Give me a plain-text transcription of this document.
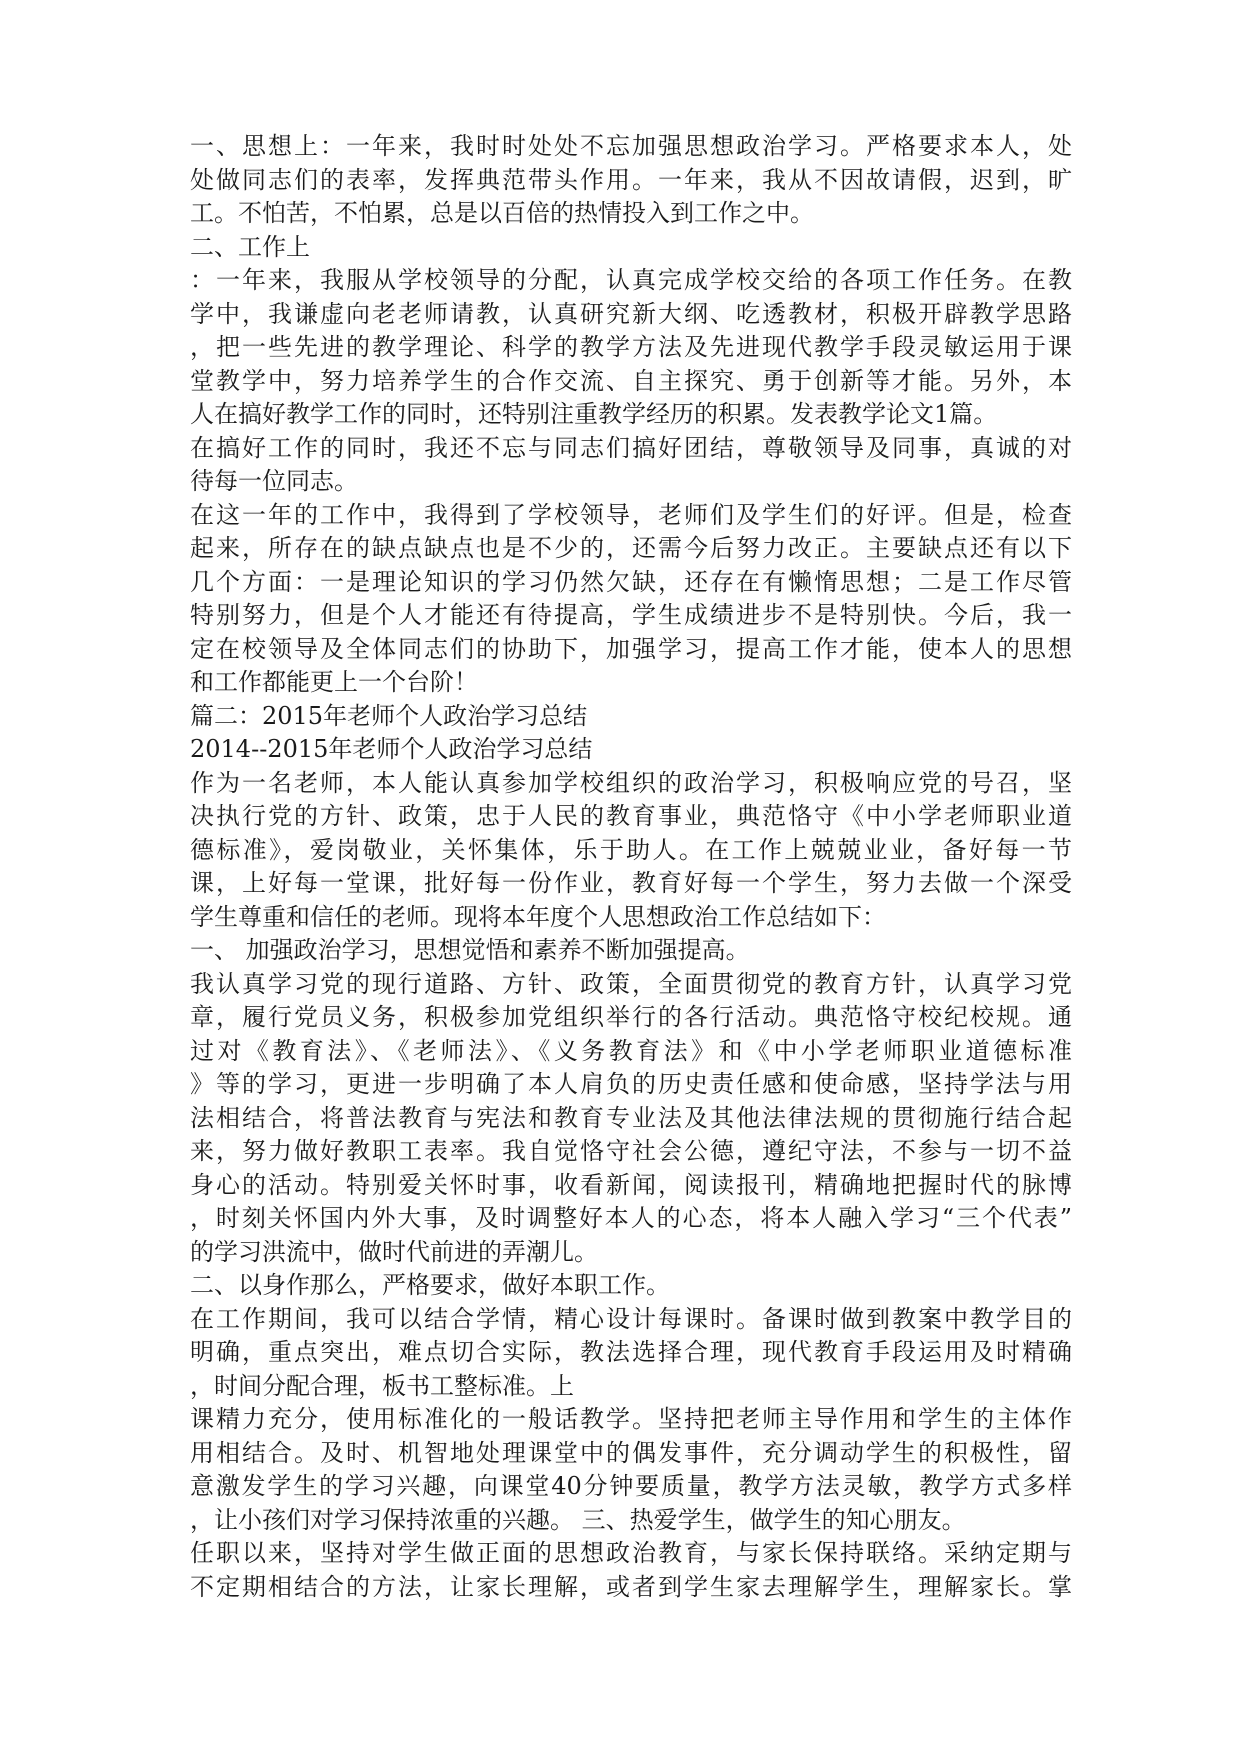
一、思想上：一年来，我时时处处不忘加强思想政治学习。严格要求本人，处
处做同志们的表率，发挥典范带头作用。一年来，我从不因故请假，迟到，旷
工。不怕苦，不怕累，总是以百倍的热情投入到工作之中。
二、工作上
：一年来，我服从学校领导的分配，认真完成学校交给的各项工作任务。在教
学中，我谦虚向老老师请教，认真研究新大纲、吃透教材，积极开辟教学思路
，把一些先进的教学理论、科学的教学方法及先进现代教学手段灵敏运用于课
堂教学中，努力培养学生的合作交流、自主探究、勇于创新等才能。另外，本
人在搞好教学工作的同时，还特别注重教学经历的积累。发表教学论文1篇。
在搞好工作的同时，我还不忘与同志们搞好团结，尊敬领导及同事，真诚的对
待每一位同志。
在这一年的工作中，我得到了学校领导，老师们及学生们的好评。但是，检查
起来，所存在的缺点缺点也是不少的，还需今后努力改正。主要缺点还有以下
几个方面：一是理论知识的学习仍然欠缺，还存在有懒惰思想；二是工作尽管
特别努力，但是个人才能还有待提高，学生成绩进步不是特别快。今后，我一
定在校领导及全体同志们的协助下，加强学习，提高工作才能，使本人的思想
和工作都能更上一个台阶！
篇二：2015年老师个人政治学习总结
2014--2015年老师个人政治学习总结
作为一名老师，本人能认真参加学校组织的政治学习，积极响应党的号召，坚
决执行党的方针、政策，忠于人民的教育事业，典范恪守《中小学老师职业道
德标准》，爱岗敬业，关怀集体，乐于助人。在工作上兢兢业业，备好每一节
课，上好每一堂课，批好每一份作业，教育好每一个学生，努力去做一个深受
学生尊重和信任的老师。现将本年度个人思想政治工作总结如下：
一、 加强政治学习，思想觉悟和素养不断加强提高。
我认真学习党的现行道路、方针、政策，全面贯彻党的教育方针，认真学习党
章，履行党员义务，积极参加党组织举行的各行活动。典范恪守校纪校规。通
过对《教育法》、《老师法》、《义务教育法》和《中小学老师职业道德标准
》等的学习，更进一步明确了本人肩负的历史责任感和使命感，坚持学法与用
法相结合，将普法教育与宪法和教育专业法及其他法律法规的贯彻施行结合起
来，努力做好教职工表率。我自觉恪守社会公德，遵纪守法，不参与一切不益
身心的活动。特别爱关怀时事，收看新闻，阅读报刊，精确地把握时代的脉博
，时刻关怀国内外大事，及时调整好本人的心态，将本人融入学习“三个代表”
的学习洪流中，做时代前进的弄潮儿。
二、以身作那么，严格要求，做好本职工作。
在工作期间，我可以结合学情，精心设计每课时。备课时做到教案中教学目的
明确，重点突出，难点切合实际，教法选择合理，现代教育手段运用及时精确
，时间分配合理，板书工整标准。上
课精力充分，使用标准化的一般话教学。坚持把老师主导作用和学生的主体作
用相结合。及时、机智地处理课堂中的偶发事件，充分调动学生的积极性，留
意激发学生的学习兴趣，向课堂40分钟要质量，教学方法灵敏，教学方式多样
，让小孩们对学习保持浓重的兴趣。 三、热爱学生，做学生的知心朋友。
任职以来，坚持对学生做正面的思想政治教育，与家长保持联络。采纳定期与
不定期相结合的方法，让家长理解，或者到学生家去理解学生，理解家长。掌
